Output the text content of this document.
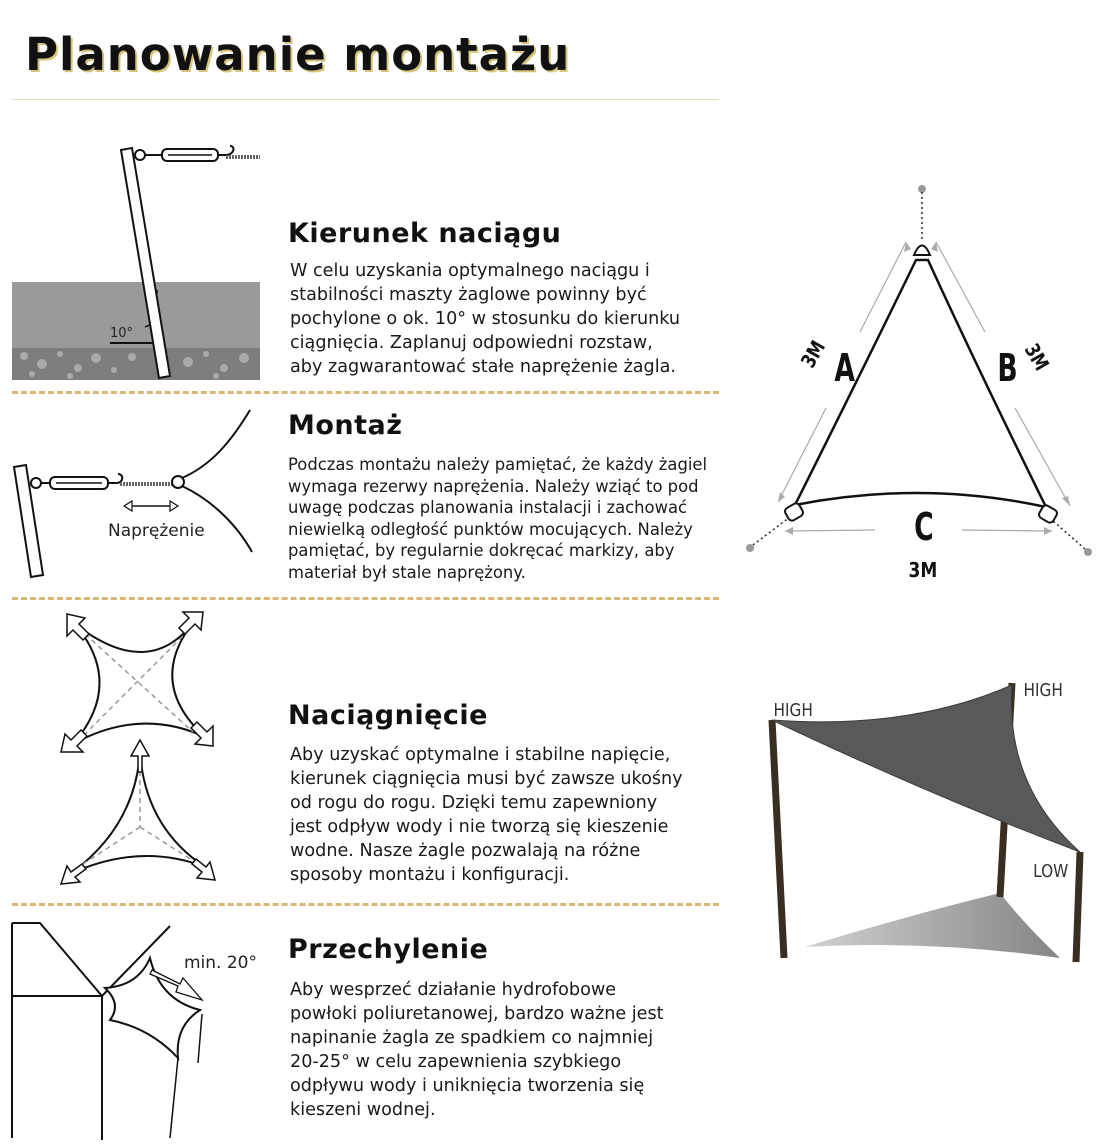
Planowanie montażu
10°
Kierunek naciągu
W celu uzyskania optymalnego naciągu i
stabilności maszty żaglowe powinny być
pochylone o ok. 10° w stosunku do kierunku
ciągnięcia. Zaplanuj odpowiedni rozstaw,
aby zagwarantować stałe naprężenie żagla.
Naprężenie
Montaż
Podczas montażu należy pamiętać, że każdy żagiel
wymaga rezerwy naprężenia. Należy wziąć to pod
uwagę podczas planowania instalacji i zachować
niewielką odległość punktów mocujących. Należy
pamiętać, by regularnie dokręcać markizy, aby
materiał był stale naprężony.
Naciągnięcie
Aby uzyskać optymalne i stabilne napięcie,
kierunek ciągnięcia musi być zawsze ukośny
od rogu do rogu. Dzięki temu zapewniony
jest odpływ wody i nie tworzą się kieszenie
wodne. Nasze żagle pozwalają na różne
sposoby montażu i konfiguracji.
min. 20° Przechylenie
Aby wesprzeć działanie hydrofobowe
powłoki poliuretanowej, bardzo ważne jest
napinanie żagla ze spadkiem co najmniej
20-25° w celu zapewnienia szybkiego
odpływu wody i uniknięcia tworzenia się
kieszeni wodnej.
A	B
C
3M	3M
3M
HIGH
HIGH
LOW
